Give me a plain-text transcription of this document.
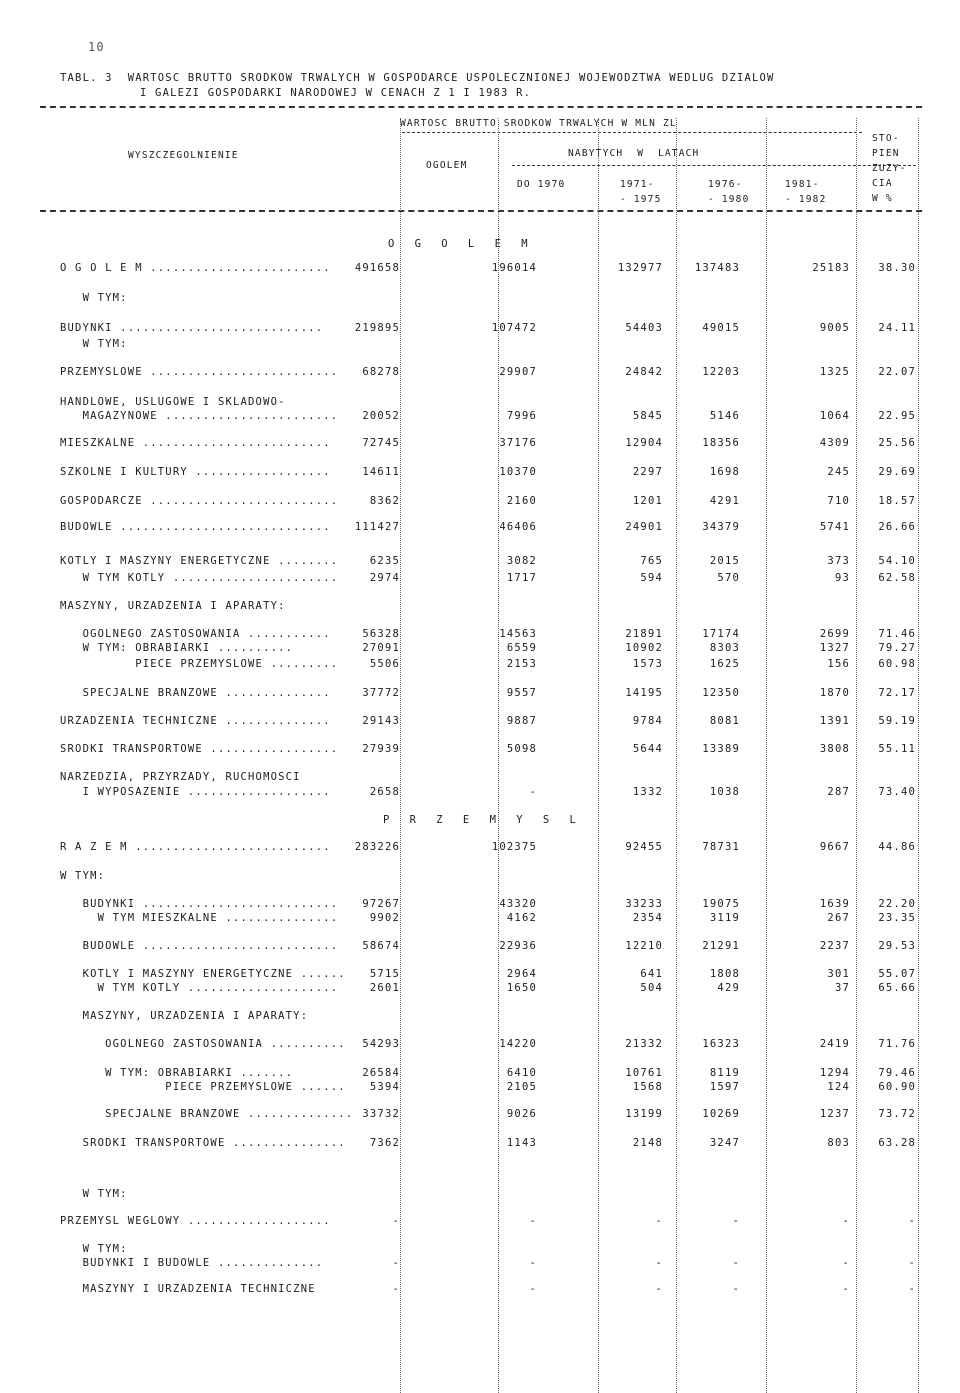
10
TABL. 3  WARTOSC BRUTTO SRODKOW TRWALYCH W GOSPODARCE USPOLECZNIONEJ WOJEWODZTWA WEDLUG DZIALOW
I GALEZI GOSPODARKI NARODOWEJ W CENACH Z 1 I 1983 R.
WARTOSC BRUTTO SRODKOW TRWALYCH W MLN ZL
WYSZCZEGOLNIENIE
OGOLEM
NABYTYCH  W  LATACH
DO 1970	1971-
- 1975
1976-
- 1980
1981-
- 1982
STO-
PIEN
ZUZY-
CIA
W %
O G O L E M
O G O L E M ........................ 491658	196014	132977	137483	25183	38.30
W TYM:
BUDYNKI ...........................	219895	107472	54403	49015	9005	24.11
W TYM:
PRZEMYSLOWE ......................... 68278	29907	24842	12203	1325	22.07
HANDLOWE, USLUGOWE I SKLADOWO-
MAGAZYNOWE ....................... 20052	7996	5845	5146	1064	22.95
MIESZKALNE .........................	72745	37176	12904	18356	4309	25.56
SZKOLNE I KULTURY ..................	14611	10370	2297	1698	245	29.69
GOSPODARCZE .........................	8362	2160	1201	4291	710	18.57
BUDOWLE ............................ 111427	46406	24901	34379	5741	26.66
KOTLY I MASZYNY ENERGETYCZNE ........	6235	3082	765	2015	373	54.10
W TYM KOTLY ......................	2974	1717	594	570	93	62.58
MASZYNY, URZADZENIA I APARATY:
OGOLNEGO ZASTOSOWANIA ...........	56328	14563	21891	17174	2699	71.46
W TYM: OBRABIARKI ..........	27091	6559	10902	8303	1327	79.27
PIECE PRZEMYSLOWE .........	5506	2153	1573	1625	156	60.98
SPECJALNE BRANZOWE ..............	37772	9557	14195	12350	1870	72.17
URZADZENIA TECHNICZNE ..............	29143	9887	9784	8081	1391	59.19
SRODKI TRANSPORTOWE ................. 27939	5098	5644	13389	3808	55.11
NARZEDZIA, PRZYRZADY, RUCHOMOSCI
I WYPOSAZENIE ...................	2658	-	1332	1038	287	73.40
P R Z E M Y S L
R A Z E M .......................... 283226	102375	92455	78731	9667	44.86
W TYM:
BUDYNKI .......................... 97267	43320	33233	19075	1639	22.20
W TYM MIESZKALNE ...............	9902	4162	2354	3119	267	23.35
BUDOWLE .......................... 58674	22936	12210	21291	2237	29.53
KOTLY I MASZYNY ENERGETYCZNE ...... 5715	2964	641	1808	301	55.07
W TYM KOTLY ....................	2601	1650	504	429	37	65.66
MASZYNY, URZADZENIA I APARATY:
OGOLNEGO ZASTOSOWANIA .......... 54293	14220	21332	16323	2419	71.76
W TYM: OBRABIARKI .......	26584	6410	10761	8119	1294	79.46
PIECE PRZEMYSLOWE ...... 5394	2105	1568	1597	124	60.90
SPECJALNE BRANZOWE .............. 33732	9026	13199	10269	1237	73.72
SRODKI TRANSPORTOWE ............... 7362	1143	2148	3247	803	63.28
W TYM:
PRZEMYSL WEGLOWY ...................	-	-	-	-	-	-
W TYM:
BUDYNKI I BUDOWLE ..............	-	-	-	-	-	-
MASZYNY I URZADZENIA TECHNICZNE	-	-	-	-	-	-
